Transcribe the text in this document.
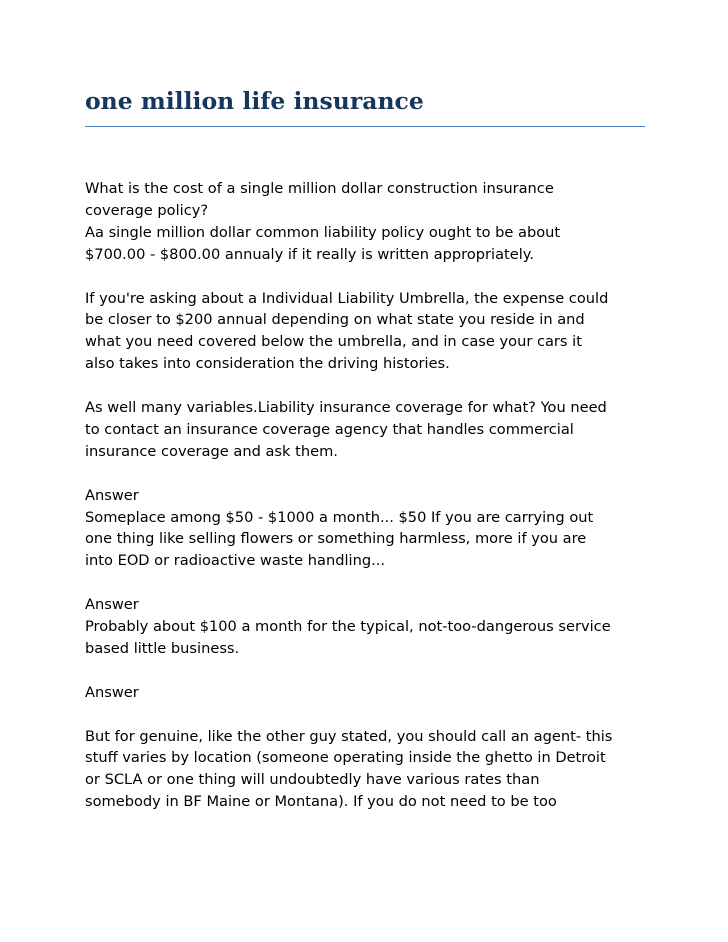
one million life insurance

What is the cost of a single million dollar construction insurance
coverage policy?
Aa single million dollar common liability policy ought to be about
$700.00 - $800.00 annualy if it really is written appropriately.

If you're asking about a Individual Liability Umbrella, the expense could
be closer to $200 annual depending on what state you reside in and
what you need covered below the umbrella, and in case your cars it
also takes into consideration the driving histories.

As well many variables.Liability insurance coverage for what? You need
to contact an insurance coverage agency that handles commercial
insurance coverage and ask them.

Answer
Someplace among $50 - $1000 a month... $50 If you are carrying out
one thing like selling flowers or something harmless, more if you are
into EOD or radioactive waste handling...

Answer
Probably about $100 a month for the typical, not-too-dangerous service
based little business.

Answer

But for genuine, like the other guy stated, you should call an agent- this
stuff varies by location (someone operating inside the ghetto in Detroit
or SCLA or one thing will undoubtedly have various rates than
somebody in BF Maine or Montana). If you do not need to be too
